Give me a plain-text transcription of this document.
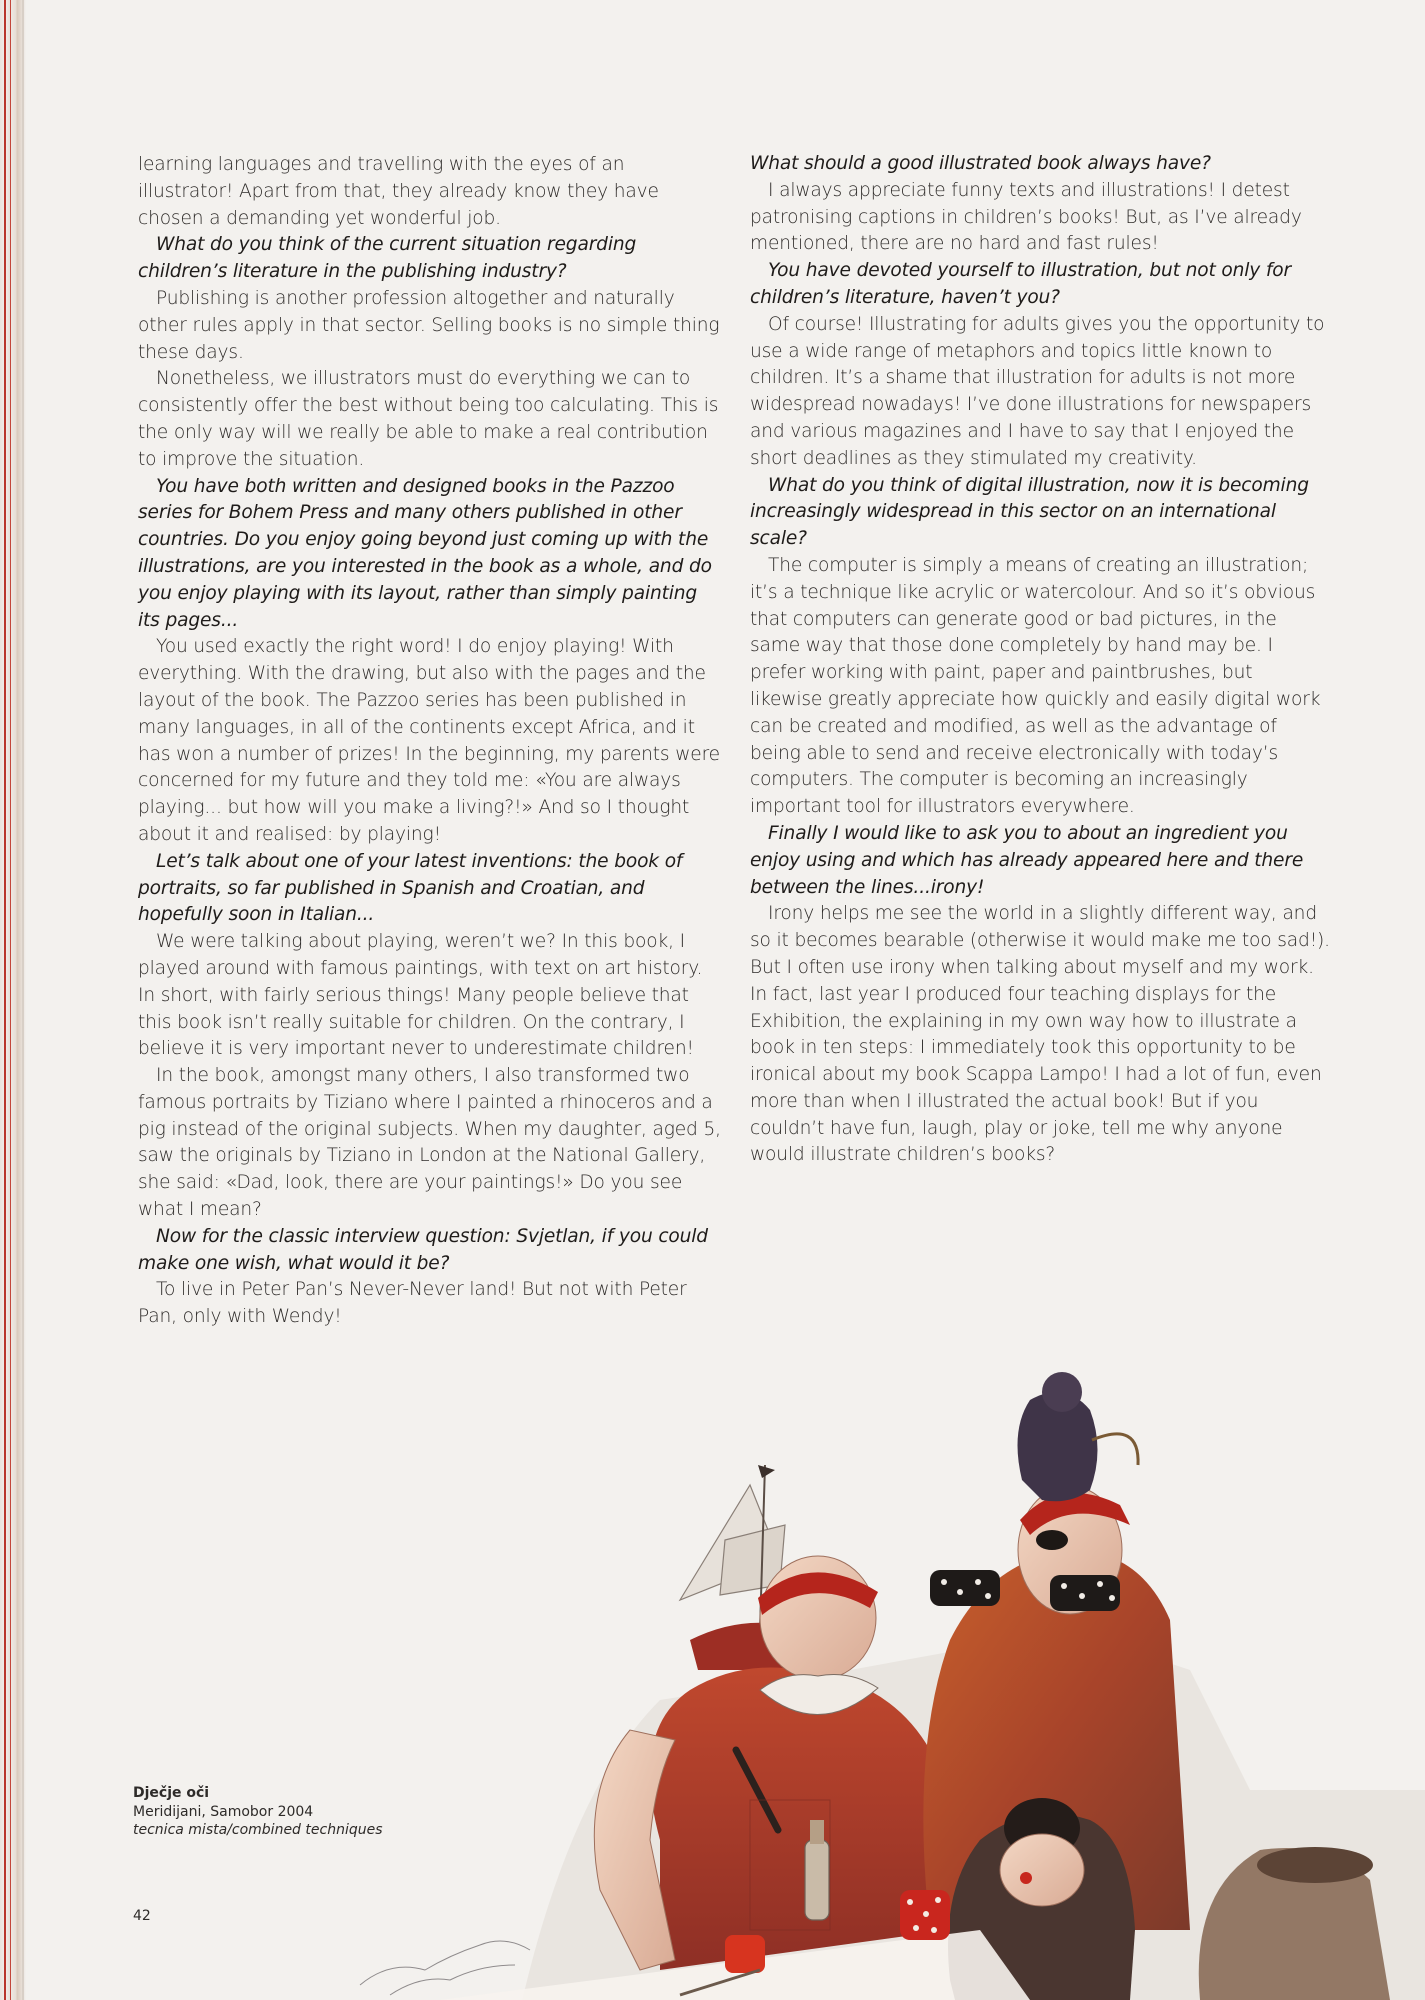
learning languages and travelling with the eyes of an illustrator! Apart from that, they already know they have chosen a demanding yet wonderful job.

What do you think of the current situation regarding children’s literature in the publishing industry?

Publishing is another profession altogether and naturally other rules apply in that sector. Selling books is no simple thing these days.

Nonetheless, we illustrators must do everything we can to consistently offer the best without being too calculating. This is the only way will we really be able to make a real contribution to improve the situation.

You have both written and designed books in the Pazzoo series for Bohem Press and many others published in other countries. Do you enjoy going beyond just coming up with the illustrations, are you interested in the book as a whole, and do you enjoy playing with its layout, rather than simply painting its pages...

You used exactly the right word! I do enjoy playing! With everything. With the drawing, but also with the pages and the layout of the book. The Pazzoo series has been published in many languages, in all of the continents except Africa, and it has won a number of prizes! In the beginning, my parents were concerned for my future and they told me: «You are always playing... but how will you make a living?!» And so I thought about it and realised: by playing!

Let’s talk about one of your latest inventions: the book of portraits, so far published in Spanish and Croatian, and hopefully soon in Italian...

We were talking about playing, weren’t we? In this book, I played around with famous paintings, with text on art history. In short, with fairly serious things! Many people believe that this book isn’t really suitable for children. On the contrary, I believe it is very important never to underestimate children!

In the book, amongst many others, I also transformed two famous portraits by Tiziano where I painted a rhinoceros and a pig instead of the original subjects. When my daughter, aged 5, saw the originals by Tiziano in London at the National Gallery, she said: «Dad, look, there are your paintings!» Do you see what I mean?

Now for the classic interview question: Svjetlan, if you could make one wish, what would it be?

To live in Peter Pan’s Never-Never land! But not with Peter Pan, only with Wendy!

What should a good illustrated book always have?

I always appreciate funny texts and illustrations! I detest patronising captions in children’s books! But, as I’ve already mentioned, there are no hard and fast rules!

You have devoted yourself to illustration, but not only for children’s literature, haven’t you?

Of course! Illustrating for adults gives you the opportunity to use a wide range of metaphors and topics little known to children. It’s a shame that illustration for adults is not more widespread nowadays! I’ve done illustrations for newspapers and various magazines and I have to say that I enjoyed the short deadlines as they stimulated my creativity.

What do you think of digital illustration, now it is becoming increasingly widespread in this sector on an international scale?

The computer is simply a means of creating an illustration; it’s a technique like acrylic or watercolour. And so it’s obvious that computers can generate good or bad pictures, in the same way that those done completely by hand may be. I prefer working with paint, paper and paintbrushes, but likewise greatly appreciate how quickly and easily digital work can be created and modified, as well as the advantage of being able to send and receive electronically with today’s computers. The computer is becoming an increasingly important tool for illustrators everywhere.

Finally I would like to ask you to about an ingredient you enjoy using and which has already appeared here and there between the lines...irony!

Irony helps me see the world in a slightly different way, and so it becomes bearable (otherwise it would make me too sad!). But I often use irony when talking about myself and my work. In fact, last year I produced four teaching displays for the Exhibition, the explaining in my own way how to illustrate a book in ten steps: I immediately took this opportunity to be ironical about my book Scappa Lampo! I had a lot of fun, even more than when I illustrated the actual book! But if you couldn’t have fun, laugh, play or joke, tell me why anyone would illustrate children’s books?

Dječje oči
Meridijani, Samobor 2004
tecnica mista/combined techniques
42
